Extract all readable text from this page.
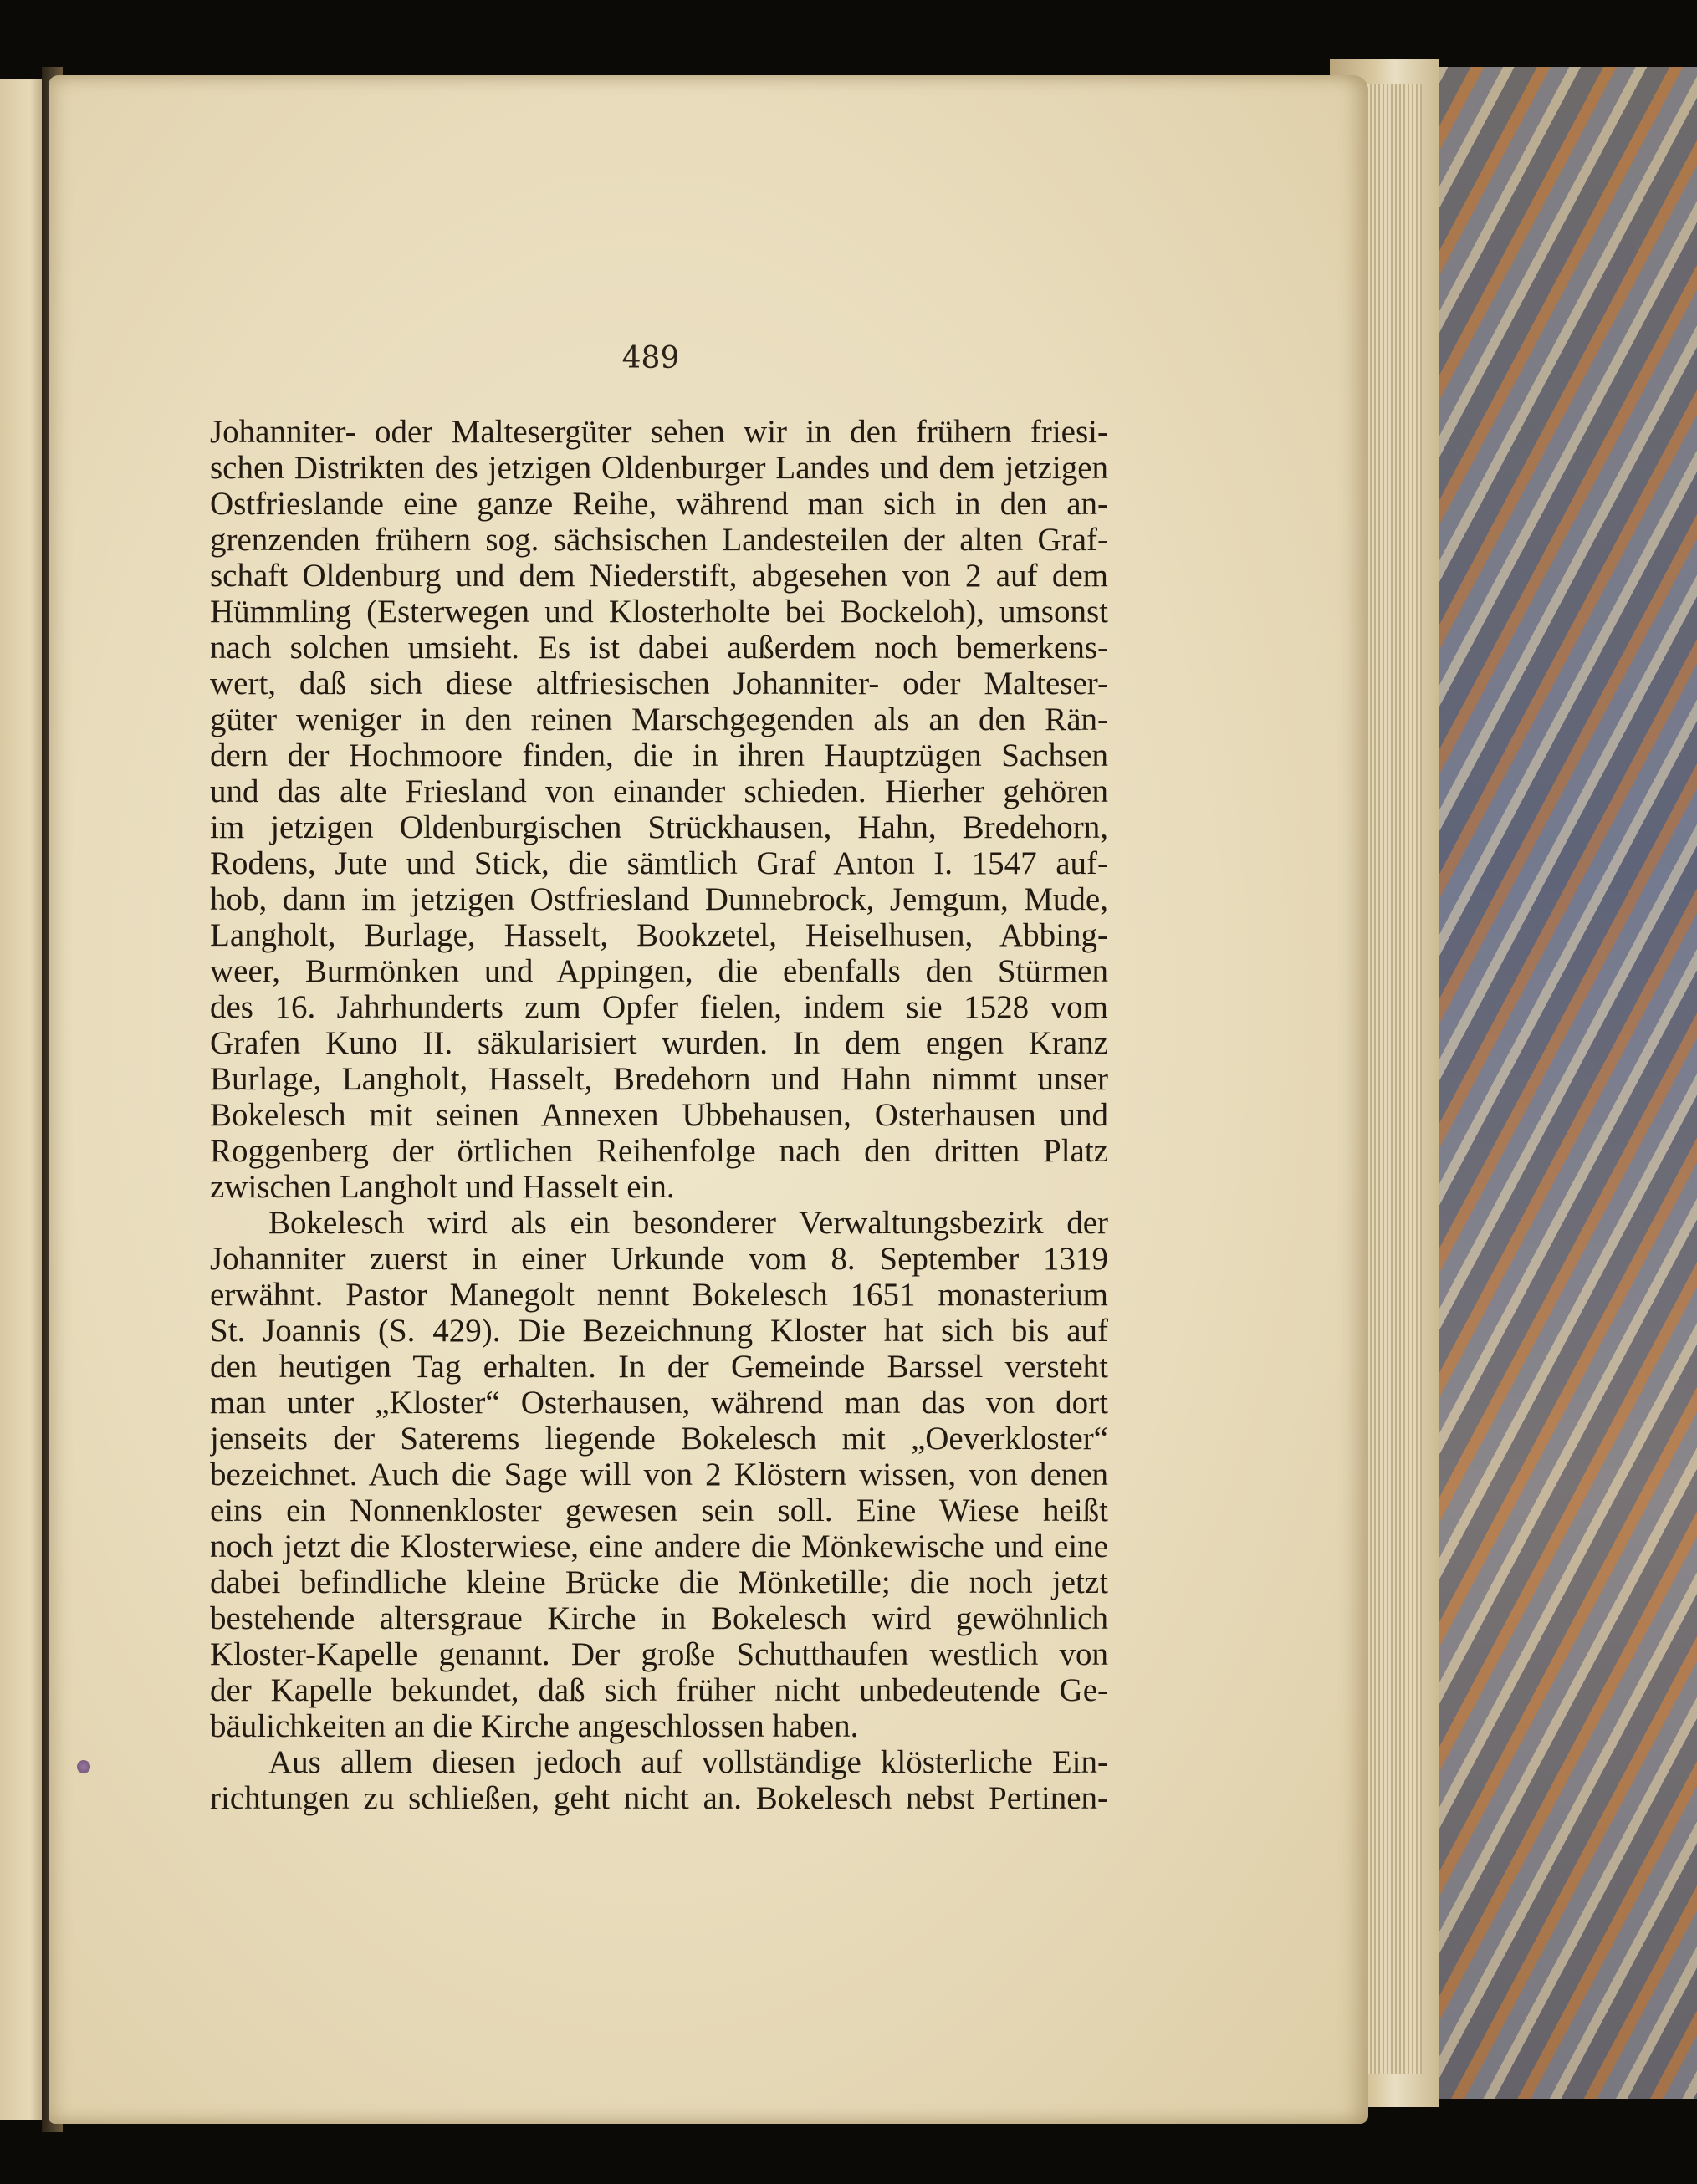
489
Johanniter- oder Maltesergüter sehen wir in den frühern friesi-
schen Distrikten des jetzigen Oldenburger Landes und dem jetzigen
Ostfrieslande eine ganze Reihe, während man sich in den an-
grenzenden frühern sog. sächsischen Landesteilen der alten Graf-
schaft Oldenburg und dem Niederstift, abgesehen von 2 auf dem
Hümmling (Esterwegen und Klosterholte bei Bockeloh), umsonst
nach solchen umsieht. Es ist dabei außerdem noch bemerkens-
wert, daß sich diese altfriesischen Johanniter- oder Malteser-
güter weniger in den reinen Marschgegenden als an den Rän-
dern der Hochmoore finden, die in ihren Hauptzügen Sachsen
und das alte Friesland von einander schieden. Hierher gehören
im jetzigen Oldenburgischen Strückhausen, Hahn, Bredehorn,
Rodens, Jute und Stick, die sämtlich Graf Anton I. 1547 auf-
hob, dann im jetzigen Ostfriesland Dunnebrock, Jemgum, Mude,
Langholt, Burlage, Hasselt, Bookzetel, Heiselhusen, Abbing-
weer, Burmönken und Appingen, die ebenfalls den Stürmen
des 16. Jahrhunderts zum Opfer fielen, indem sie 1528 vom
Grafen Kuno II. säkularisiert wurden. In dem engen Kranz
Burlage, Langholt, Hasselt, Bredehorn und Hahn nimmt unser
Bokelesch mit seinen Annexen Ubbehausen, Osterhausen und
Roggenberg der örtlichen Reihenfolge nach den dritten Platz
zwischen Langholt und Hasselt ein.
Bokelesch wird als ein besonderer Verwaltungsbezirk der
Johanniter zuerst in einer Urkunde vom 8. September 1319
erwähnt. Pastor Manegolt nennt Bokelesch 1651 monasterium
St. Joannis (S. 429). Die Bezeichnung Kloster hat sich bis auf
den heutigen Tag erhalten. In der Gemeinde Barssel versteht
man unter „Kloster“ Osterhausen, während man das von dort
jenseits der Saterems liegende Bokelesch mit „Oeverkloster“
bezeichnet. Auch die Sage will von 2 Klöstern wissen, von denen
eins ein Nonnenkloster gewesen sein soll. Eine Wiese heißt
noch jetzt die Klosterwiese, eine andere die Mönkewische und eine
dabei befindliche kleine Brücke die Mönketille; die noch jetzt
bestehende altersgraue Kirche in Bokelesch wird gewöhnlich
Kloster-Kapelle genannt. Der große Schutthaufen westlich von
der Kapelle bekundet, daß sich früher nicht unbedeutende Ge-
bäulichkeiten an die Kirche angeschlossen haben.
Aus allem diesen jedoch auf vollständige klösterliche Ein-
richtungen zu schließen, geht nicht an. Bokelesch nebst Pertinen-
